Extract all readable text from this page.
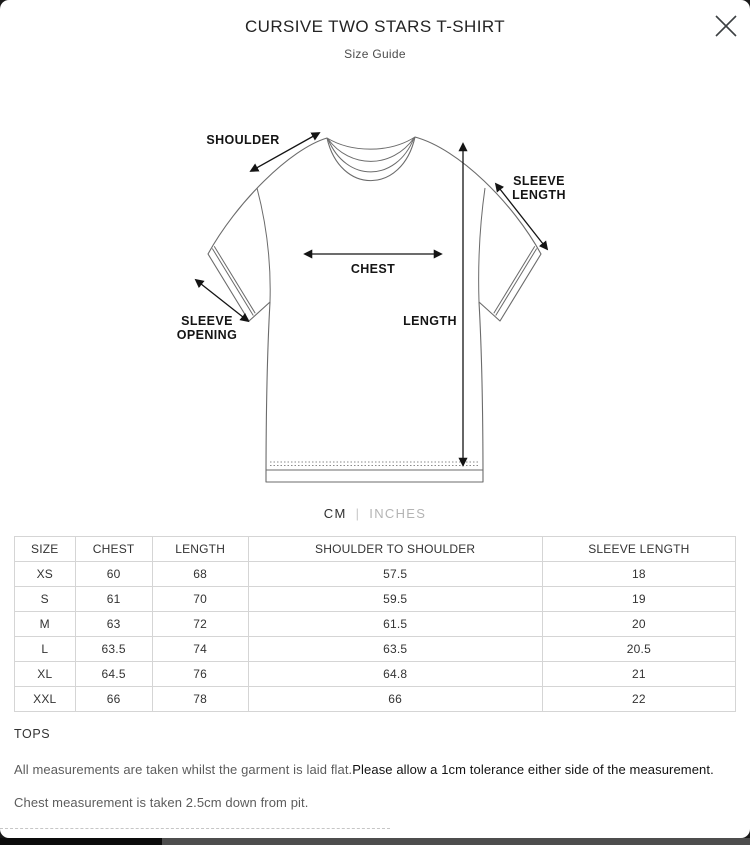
CURSIVE TWO STARS T-SHIRT
Size Guide
SHOULDER
SLEEVE
LENGTH
CHEST
LENGTH
SLEEVE
OPENING
CM | INCHES
SIZE	CHEST	LENGTH	SHOULDER TO SHOULDER	SLEEVE LENGTH
XS	60	68	57.5	18
S	61	70	59.5	19
M	63	72	61.5	20
L	63.5	74	63.5	20.5
XL	64.5	76	64.8	21
XXL	66	78	66	22
TOPS
All measurements are taken whilst the garment is laid flat.Please allow a 1cm tolerance either side of the measurement.
Chest measurement is taken 2.5cm down from pit.
